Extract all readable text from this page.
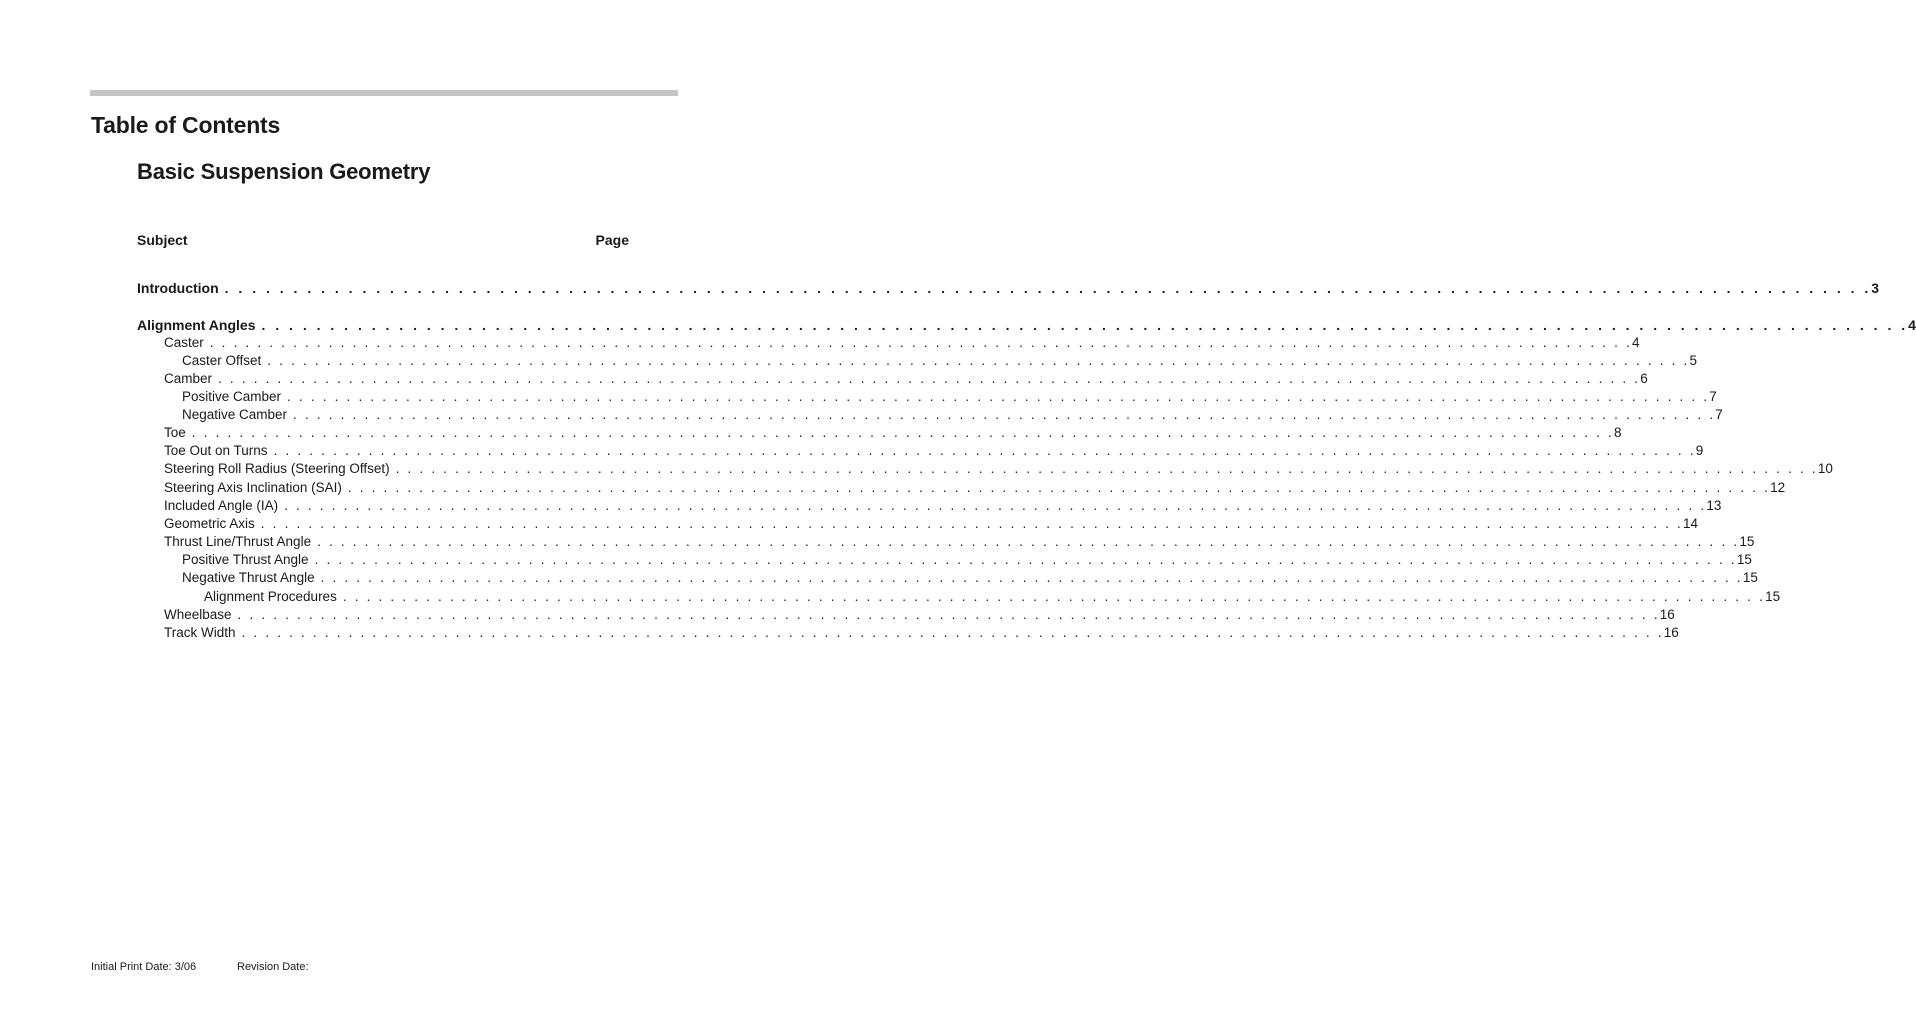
Table of Contents
Basic Suspension Geometry
Subject	Page
Introduction . . . . . . . . . . . . . . . . . . . . . . . . . . . . . . . . . . . . . . . . . . . . . . . . . . . . . . . . . . . . . . . . . . . . . . . . . . . . . . . . . . . . . . . . . . . . . . . . . . . . . . . . . . . . . . . . . . . . . . . . 3
Alignment Angles . . . . . . . . . . . . . . . . . . . . . . . . . . . . . . . . . . . . . . . . . . . . . . . . . . . . . . . . . . . . . . . . . . . . . . . . . . . . . . . . . . . . . . . . . . . . . . . . . . . . . . . . . . . . . . . . . . . . . . . . 4
Caster . . . . . . . . . . . . . . . . . . . . . . . . . . . . . . . . . . . . . . . . . . . . . . . . . . . . . . . . . . . . . . . . . . . . . . . . . . . . . . . . . . . . . . . . . . . . . . . . . . . . . . . . . . . . . . . . . . . . . . . . 4
Caster Offset . . . . . . . . . . . . . . . . . . . . . . . . . . . . . . . . . . . . . . . . . . . . . . . . . . . . . . . . . . . . . . . . . . . . . . . . . . . . . . . . . . . . . . . . . . . . . . . . . . . . . . . . . . . . . . . . . . . . . . . . 5
Camber . . . . . . . . . . . . . . . . . . . . . . . . . . . . . . . . . . . . . . . . . . . . . . . . . . . . . . . . . . . . . . . . . . . . . . . . . . . . . . . . . . . . . . . . . . . . . . . . . . . . . . . . . . . . . . . . . . . . . . . . 6
Positive Camber . . . . . . . . . . . . . . . . . . . . . . . . . . . . . . . . . . . . . . . . . . . . . . . . . . . . . . . . . . . . . . . . . . . . . . . . . . . . . . . . . . . . . . . . . . . . . . . . . . . . . . . . . . . . . . . . . . . . . . . . 7
Negative Camber . . . . . . . . . . . . . . . . . . . . . . . . . . . . . . . . . . . . . . . . . . . . . . . . . . . . . . . . . . . . . . . . . . . . . . . . . . . . . . . . . . . . . . . . . . . . . . . . . . . . . . . . . . . . . . . . . . . . . . . . 7
Toe . . . . . . . . . . . . . . . . . . . . . . . . . . . . . . . . . . . . . . . . . . . . . . . . . . . . . . . . . . . . . . . . . . . . . . . . . . . . . . . . . . . . . . . . . . . . . . . . . . . . . . . . . . . . . . . . . . . . . . . . 8
Toe Out on Turns . . . . . . . . . . . . . . . . . . . . . . . . . . . . . . . . . . . . . . . . . . . . . . . . . . . . . . . . . . . . . . . . . . . . . . . . . . . . . . . . . . . . . . . . . . . . . . . . . . . . . . . . . . . . . . . . . . . . . . . . 9
Steering Roll Radius (Steering Offset) . . . . . . . . . . . . . . . . . . . . . . . . . . . . . . . . . . . . . . . . . . . . . . . . . . . . . . . . . . . . . . . . . . . . . . . . . . . . . . . . . . . . . . . . . . . . . . . . . . . . . . . . . . . . . . . . . . . . . . . . 10
Steering Axis Inclination (SAI) . . . . . . . . . . . . . . . . . . . . . . . . . . . . . . . . . . . . . . . . . . . . . . . . . . . . . . . . . . . . . . . . . . . . . . . . . . . . . . . . . . . . . . . . . . . . . . . . . . . . . . . . . . . . . . . . . . . . . . . . 12
Included Angle (IA) . . . . . . . . . . . . . . . . . . . . . . . . . . . . . . . . . . . . . . . . . . . . . . . . . . . . . . . . . . . . . . . . . . . . . . . . . . . . . . . . . . . . . . . . . . . . . . . . . . . . . . . . . . . . . . . . . . . . . . . . 13
Geometric Axis . . . . . . . . . . . . . . . . . . . . . . . . . . . . . . . . . . . . . . . . . . . . . . . . . . . . . . . . . . . . . . . . . . . . . . . . . . . . . . . . . . . . . . . . . . . . . . . . . . . . . . . . . . . . . . . . . . . . . . . . 14
Thrust Line/Thrust Angle . . . . . . . . . . . . . . . . . . . . . . . . . . . . . . . . . . . . . . . . . . . . . . . . . . . . . . . . . . . . . . . . . . . . . . . . . . . . . . . . . . . . . . . . . . . . . . . . . . . . . . . . . . . . . . . . . . . . . . . . 15
Positive Thrust Angle . . . . . . . . . . . . . . . . . . . . . . . . . . . . . . . . . . . . . . . . . . . . . . . . . . . . . . . . . . . . . . . . . . . . . . . . . . . . . . . . . . . . . . . . . . . . . . . . . . . . . . . . . . . . . . . . . . . . . . . . 15
Negative Thrust Angle . . . . . . . . . . . . . . . . . . . . . . . . . . . . . . . . . . . . . . . . . . . . . . . . . . . . . . . . . . . . . . . . . . . . . . . . . . . . . . . . . . . . . . . . . . . . . . . . . . . . . . . . . . . . . . . . . . . . . . . . 15
Alignment Procedures . . . . . . . . . . . . . . . . . . . . . . . . . . . . . . . . . . . . . . . . . . . . . . . . . . . . . . . . . . . . . . . . . . . . . . . . . . . . . . . . . . . . . . . . . . . . . . . . . . . . . . . . . . . . . . . . . . . . . . . . 15
Wheelbase . . . . . . . . . . . . . . . . . . . . . . . . . . . . . . . . . . . . . . . . . . . . . . . . . . . . . . . . . . . . . . . . . . . . . . . . . . . . . . . . . . . . . . . . . . . . . . . . . . . . . . . . . . . . . . . . . . . . . . . . 16
Track Width . . . . . . . . . . . . . . . . . . . . . . . . . . . . . . . . . . . . . . . . . . . . . . . . . . . . . . . . . . . . . . . . . . . . . . . . . . . . . . . . . . . . . . . . . . . . . . . . . . . . . . . . . . . . . . . . . . . . . . . . 16
Initial Print Date: 3/06	Revision Date:
